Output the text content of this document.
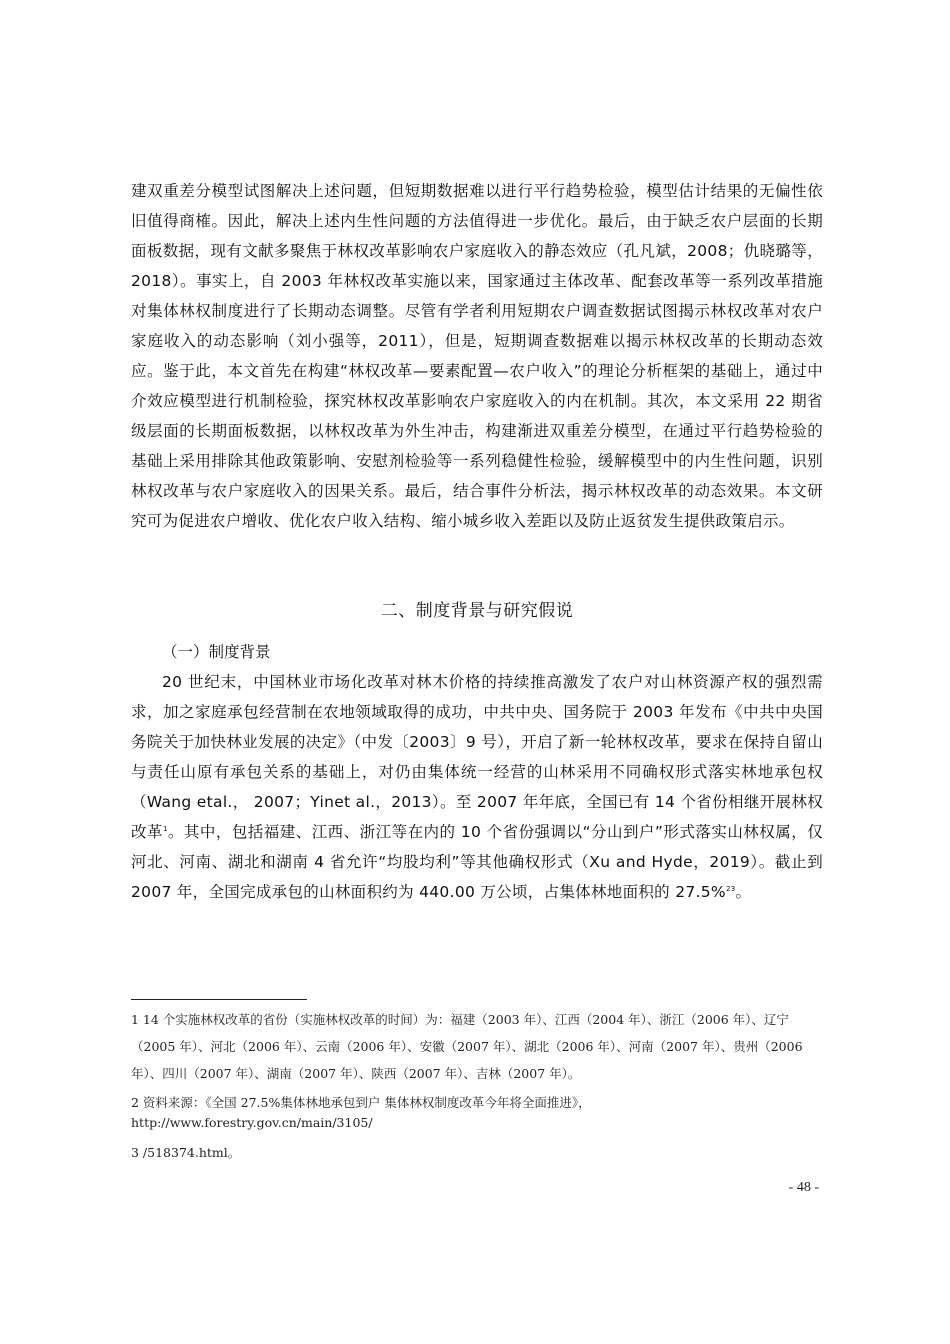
建双重差分模型试图解决上述问题，但短期数据难以进行平行趋势检验，模型估计结果的无偏性依旧值得商榷。因此，解决上述内生性问题的方法值得进一步优化。最后，由于缺乏农户层面的长期面板数据，现有文献多聚焦于林权改革影响农户家庭收入的静态效应（孔凡斌，2008；仇晓璐等，2018）。事实上，自 2003 年林权改革实施以来，国家通过主体改革、配套改革等一系列改革措施对集体林权制度进行了长期动态调整。尽管有学者利用短期农户调查数据试图揭示林权改革对农户家庭收入的动态影响（刘小强等，2011），但是，短期调查数据难以揭示林权改革的长期动态效应。鉴于此，本文首先在构建“林权改革—要素配置—农户收入”的理论分析框架的基础上，通过中介效应模型进行机制检验，探究林权改革影响农户家庭收入的内在机制。其次，本文采用 22 期省级层面的长期面板数据，以林权改革为外生冲击，构建渐进双重差分模型，在通过平行趋势检验的基础上采用排除其他政策影响、安慰剂检验等一系列稳健性检验，缓解模型中的内生性问题，识别林权改革与农户家庭收入的因果关系。最后，结合事件分析法，揭示林权改革的动态效果。本文研究可为促进农户增收、优化农户收入结构、缩小城乡收入差距以及防止返贫发生提供政策启示。

二、制度背景与研究假说
（一）制度背景

20 世纪末，中国林业市场化改革对林木价格的持续推高激发了农户对山林资源产权的强烈需求，加之家庭承包经营制在农地领域取得的成功，中共中央、国务院于 2003 年发布《中共中央国务院关于加快林业发展的决定》（中发〔2003〕9 号），开启了新一轮林权改革，要求在保持自留山与责任山原有承包关系的基础上，对仍由集体统一经营的山林采用不同确权形式落实林地承包权（Wang etal.， 2007；Yinet al.，2013）。至 2007 年年底，全国已有 14 个省份相继开展林权改革$^1$。其中，包括福建、江西、浙江等在内的 10 个省份强调以“分山到户”形式落实山林权属，仅河北、河南、湖北和湖南 4 省允许“均股均利”等其他确权形式（Xu and Hyde，2019）。截止到 2007 年，全国完成承包的山林面积约为 440.00 万公顷，占集体林地面积的 27.5%$^{23}$。

1 14 个实施林权改革的省份（实施林权改革的时间）为：福建（2003 年）、江西（2004 年）、浙江（2006 年）、辽宁（2005 年）、河北（2006 年）、云南（2006 年）、安徽（2007 年）、湖北（2006 年）、河南（2007 年）、贵州（2006 年）、四川（2007 年）、湖南（2007 年）、陕西（2007 年）、吉林（2007 年）。

2 资料来源：《全国 27.5%集体林地承包到户 集体林权制度改革今年将全面推进》，http://www.forestry.gov.cn/main/3105/

3 /518374.html。

- 48 -
